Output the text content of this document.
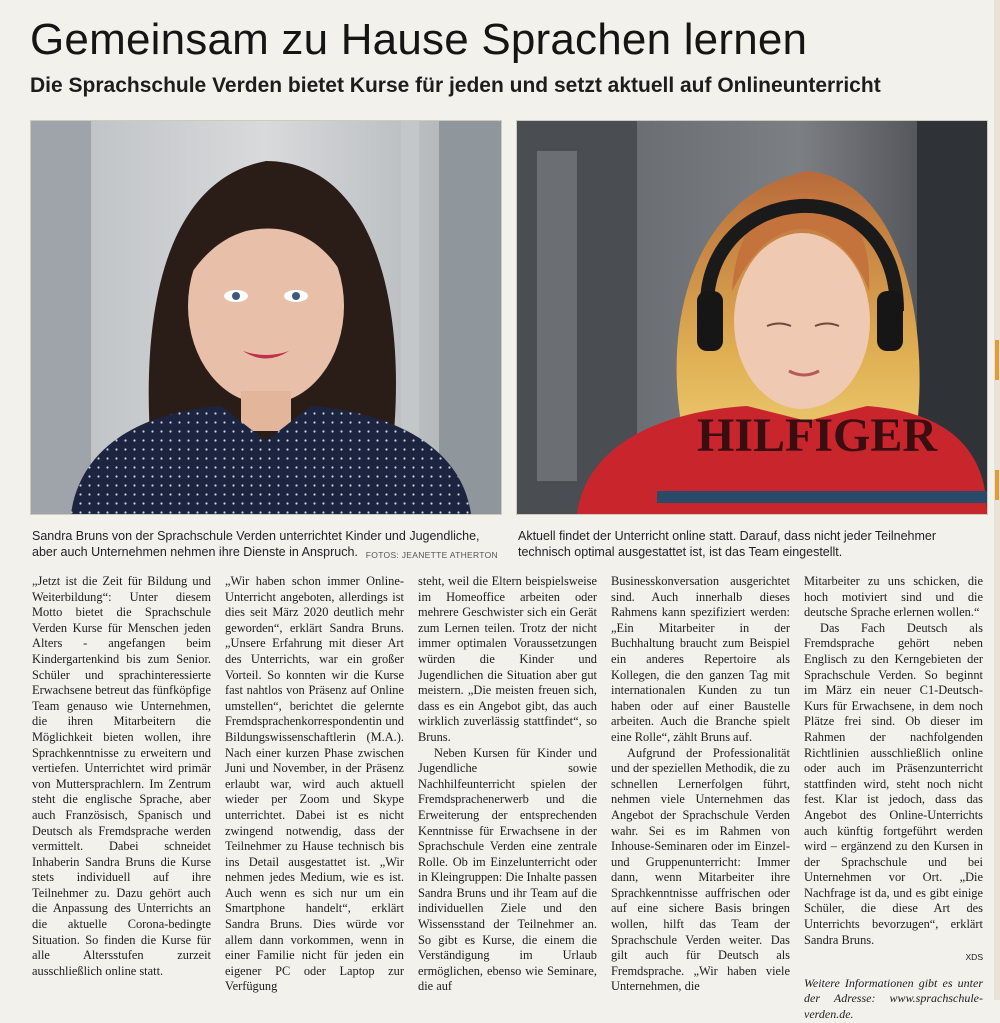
Gemeinsam zu Hause Sprachen lernen
Die Sprachschule Verden bietet Kurse für jeden und setzt aktuell auf Onlineunterricht
HILFIGER
Sandra Bruns von der Sprachschule Verden unterrichtet Kinder und Jugendliche, aber auch Unternehmen nehmen ihre Dienste in Anspruch. FOTOS: JEANETTE ATHERTON
Aktuell findet der Unterricht online statt. Darauf, dass nicht jeder Teilnehmer technisch optimal ausgestattet ist, ist das Team eingestellt.

„Jetzt ist die Zeit für Bildung und Weiterbildung“: Unter diesem Motto bietet die Sprachschule Verden Kurse für Menschen jeden Alters - angefangen beim Kindergartenkind bis zum Senior. Schüler und sprachinteressierte Erwachsene betreut das fünfköpfige Team genauso wie Unternehmen, die ihren Mitarbeitern die Möglichkeit bieten wollen, ihre Sprachkenntnisse zu erweitern und vertiefen. Unterrichtet wird primär von Muttersprachlern. Im Zentrum steht die englische Sprache, aber auch Französisch, Spanisch und Deutsch als Fremdsprache werden vermittelt. Dabei schneidet Inhaberin Sandra Bruns die Kurse stets individuell auf ihre Teilnehmer zu. Dazu gehört auch die Anpassung des Unterrichts an die aktuelle Corona-bedingte Situation. So finden die Kurse für alle Altersstufen zurzeit ausschließlich online statt.

„Wir haben schon immer Online-Unterricht angeboten, allerdings ist dies seit März 2020 deutlich mehr geworden“, erklärt Sandra Bruns. „Unsere Erfahrung mit dieser Art des Unterrichts, war ein großer Vorteil. So konnten wir die Kurse fast nahtlos von Präsenz auf Online umstellen“, berichtet die gelernte Fremdsprachenkorrespondentin und Bildungswissenschaftlerin (M.A.). Nach einer kurzen Phase zwischen Juni und November, in der Präsenz erlaubt war, wird auch aktuell wieder per Zoom und Skype unterrichtet. Dabei ist es nicht zwingend notwendig, dass der Teilnehmer zu Hause technisch bis ins Detail ausgestattet ist. „Wir nehmen jedes Medium, wie es ist. Auch wenn es sich nur um ein Smartphone handelt“, erklärt Sandra Bruns. Dies würde vor allem dann vorkommen, wenn in einer Familie nicht für jeden ein eigener PC oder Laptop zur Verfügung

steht, weil die Eltern beispielsweise im Homeoffice arbeiten oder mehrere Geschwister sich ein Gerät zum Lernen teilen. Trotz der nicht immer optimalen Voraussetzungen würden die Kinder und Jugendlichen die Situation aber gut meistern. „Die meisten freuen sich, dass es ein Angebot gibt, das auch wirklich zuverlässig stattfindet“, so Bruns.

Neben Kursen für Kinder und Jugendliche sowie Nachhilfeunterricht spielen der Fremdsprachenerwerb und die Erweiterung der entsprechenden Kenntnisse für Erwachsene in der Sprachschule Verden eine zentrale Rolle. Ob im Einzelunterricht oder in Kleingruppen: Die Inhalte passen Sandra Bruns und ihr Team auf die individuellen Ziele und den Wissensstand der Teilnehmer an. So gibt es Kurse, die einem die Verständigung im Urlaub ermöglichen, ebenso wie Seminare, die auf

Businesskonversation ausgerichtet sind. Auch innerhalb dieses Rahmens kann spezifiziert werden: „Ein Mitarbeiter in der Buchhaltung braucht zum Beispiel ein anderes Repertoire als Kollegen, die den ganzen Tag mit internationalen Kunden zu tun haben oder auf einer Baustelle arbeiten. Auch die Branche spielt eine Rolle“, zählt Bruns auf.

Aufgrund der Professionalität und der speziellen Methodik, die zu schnellen Lernerfolgen führt, nehmen viele Unternehmen das Angebot der Sprachschule Verden wahr. Sei es im Rahmen von Inhouse-Seminaren oder im Einzel- und Gruppenunterricht: Immer dann, wenn Mitarbeiter ihre Sprachkenntnisse auffrischen oder auf eine sichere Basis bringen wollen, hilft das Team der Sprachschule Verden weiter. Das gilt auch für Deutsch als Fremdsprache. „Wir haben viele Unternehmen, die

Mitarbeiter zu uns schicken, die hoch motiviert sind und die deutsche Sprache erlernen wollen.“

Das Fach Deutsch als Fremdsprache gehört neben Englisch zu den Kerngebieten der Sprachschule Verden. So beginnt im März ein neuer C1-Deutsch-Kurs für Erwachsene, in dem noch Plätze frei sind. Ob dieser im Rahmen der nachfolgenden Richtlinien ausschließlich online oder auch im Präsenzunterricht stattfinden wird, steht noch nicht fest. Klar ist jedoch, dass das Angebot des Online-Unterrichts auch künftig fortgeführt werden wird – ergänzend zu den Kursen in der Sprachschule und bei Unternehmen vor Ort. „Die Nachfrage ist da, und es gibt einige Schüler, die diese Art des Unterrichts bevorzugen“, erklärt Sandra Bruns.

XDS

Weitere Informationen gibt es unter der Adresse: www.sprachschule-verden.de.
